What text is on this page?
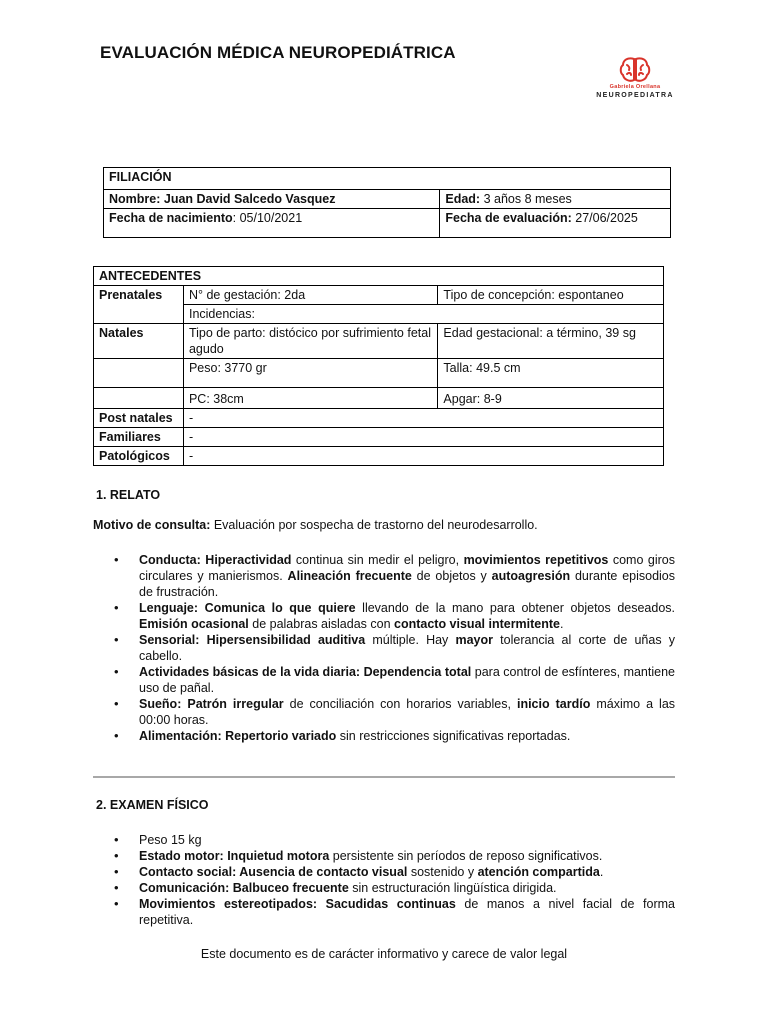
EVALUACIÓN MÉDICA NEUROPEDIÁTRICA
Gabriela Orellana
NEUROPEDIATRA
FILIACIÓN	
Nombre: Juan David Salcedo Vasquez	Edad: 3 años 8 meses
Fecha de nacimiento: 05/10/2021	Fecha de evaluación: 27/06/2025
ANTECEDENTES		
Prenatales	N° de gestación: 2da	Tipo de concepción: espontaneo
	Incidencias:	
Natales	Tipo de parto: distócico por sufrimiento fetal agudo	Edad gestacional: a término, 39 sg
	Peso: 3770 gr	Talla: 49.5 cm
	PC: 38cm	Apgar: 8-9
Post natales	-	
Familiares	-	
Patológicos	-	
1. RELATO
Motivo de consulta: Evaluación por sospecha de trastorno del neurodesarrollo.
• Conducta: Hiperactividad continua sin medir el peligro, movimientos repetitivos como giros circulares y manierismos. Alineación frecuente de objetos y autoagresión durante episodios de frustración.
• Lenguaje: Comunica lo que quiere llevando de la mano para obtener objetos deseados. Emisión ocasional de palabras aisladas con contacto visual intermitente.
• Sensorial: Hipersensibilidad auditiva múltiple. Hay mayor tolerancia al corte de uñas y cabello.
• Actividades básicas de la vida diaria: Dependencia total para control de esfínteres, mantiene uso de pañal.
• Sueño: Patrón irregular de conciliación con horarios variables, inicio tardío máximo a las 00:00 horas.
• Alimentación: Repertorio variado sin restricciones significativas reportadas.
2. EXAMEN FÍSICO
• Peso 15 kg
• Estado motor: Inquietud motora persistente sin períodos de reposo significativos.
• Contacto social: Ausencia de contacto visual sostenido y atención compartida.
• Comunicación: Balbuceo frecuente sin estructuración lingüística dirigida.
• Movimientos estereotipados: Sacudidas continuas de manos a nivel facial de forma repetitiva.
Este documento es de carácter informativo y carece de valor legal
